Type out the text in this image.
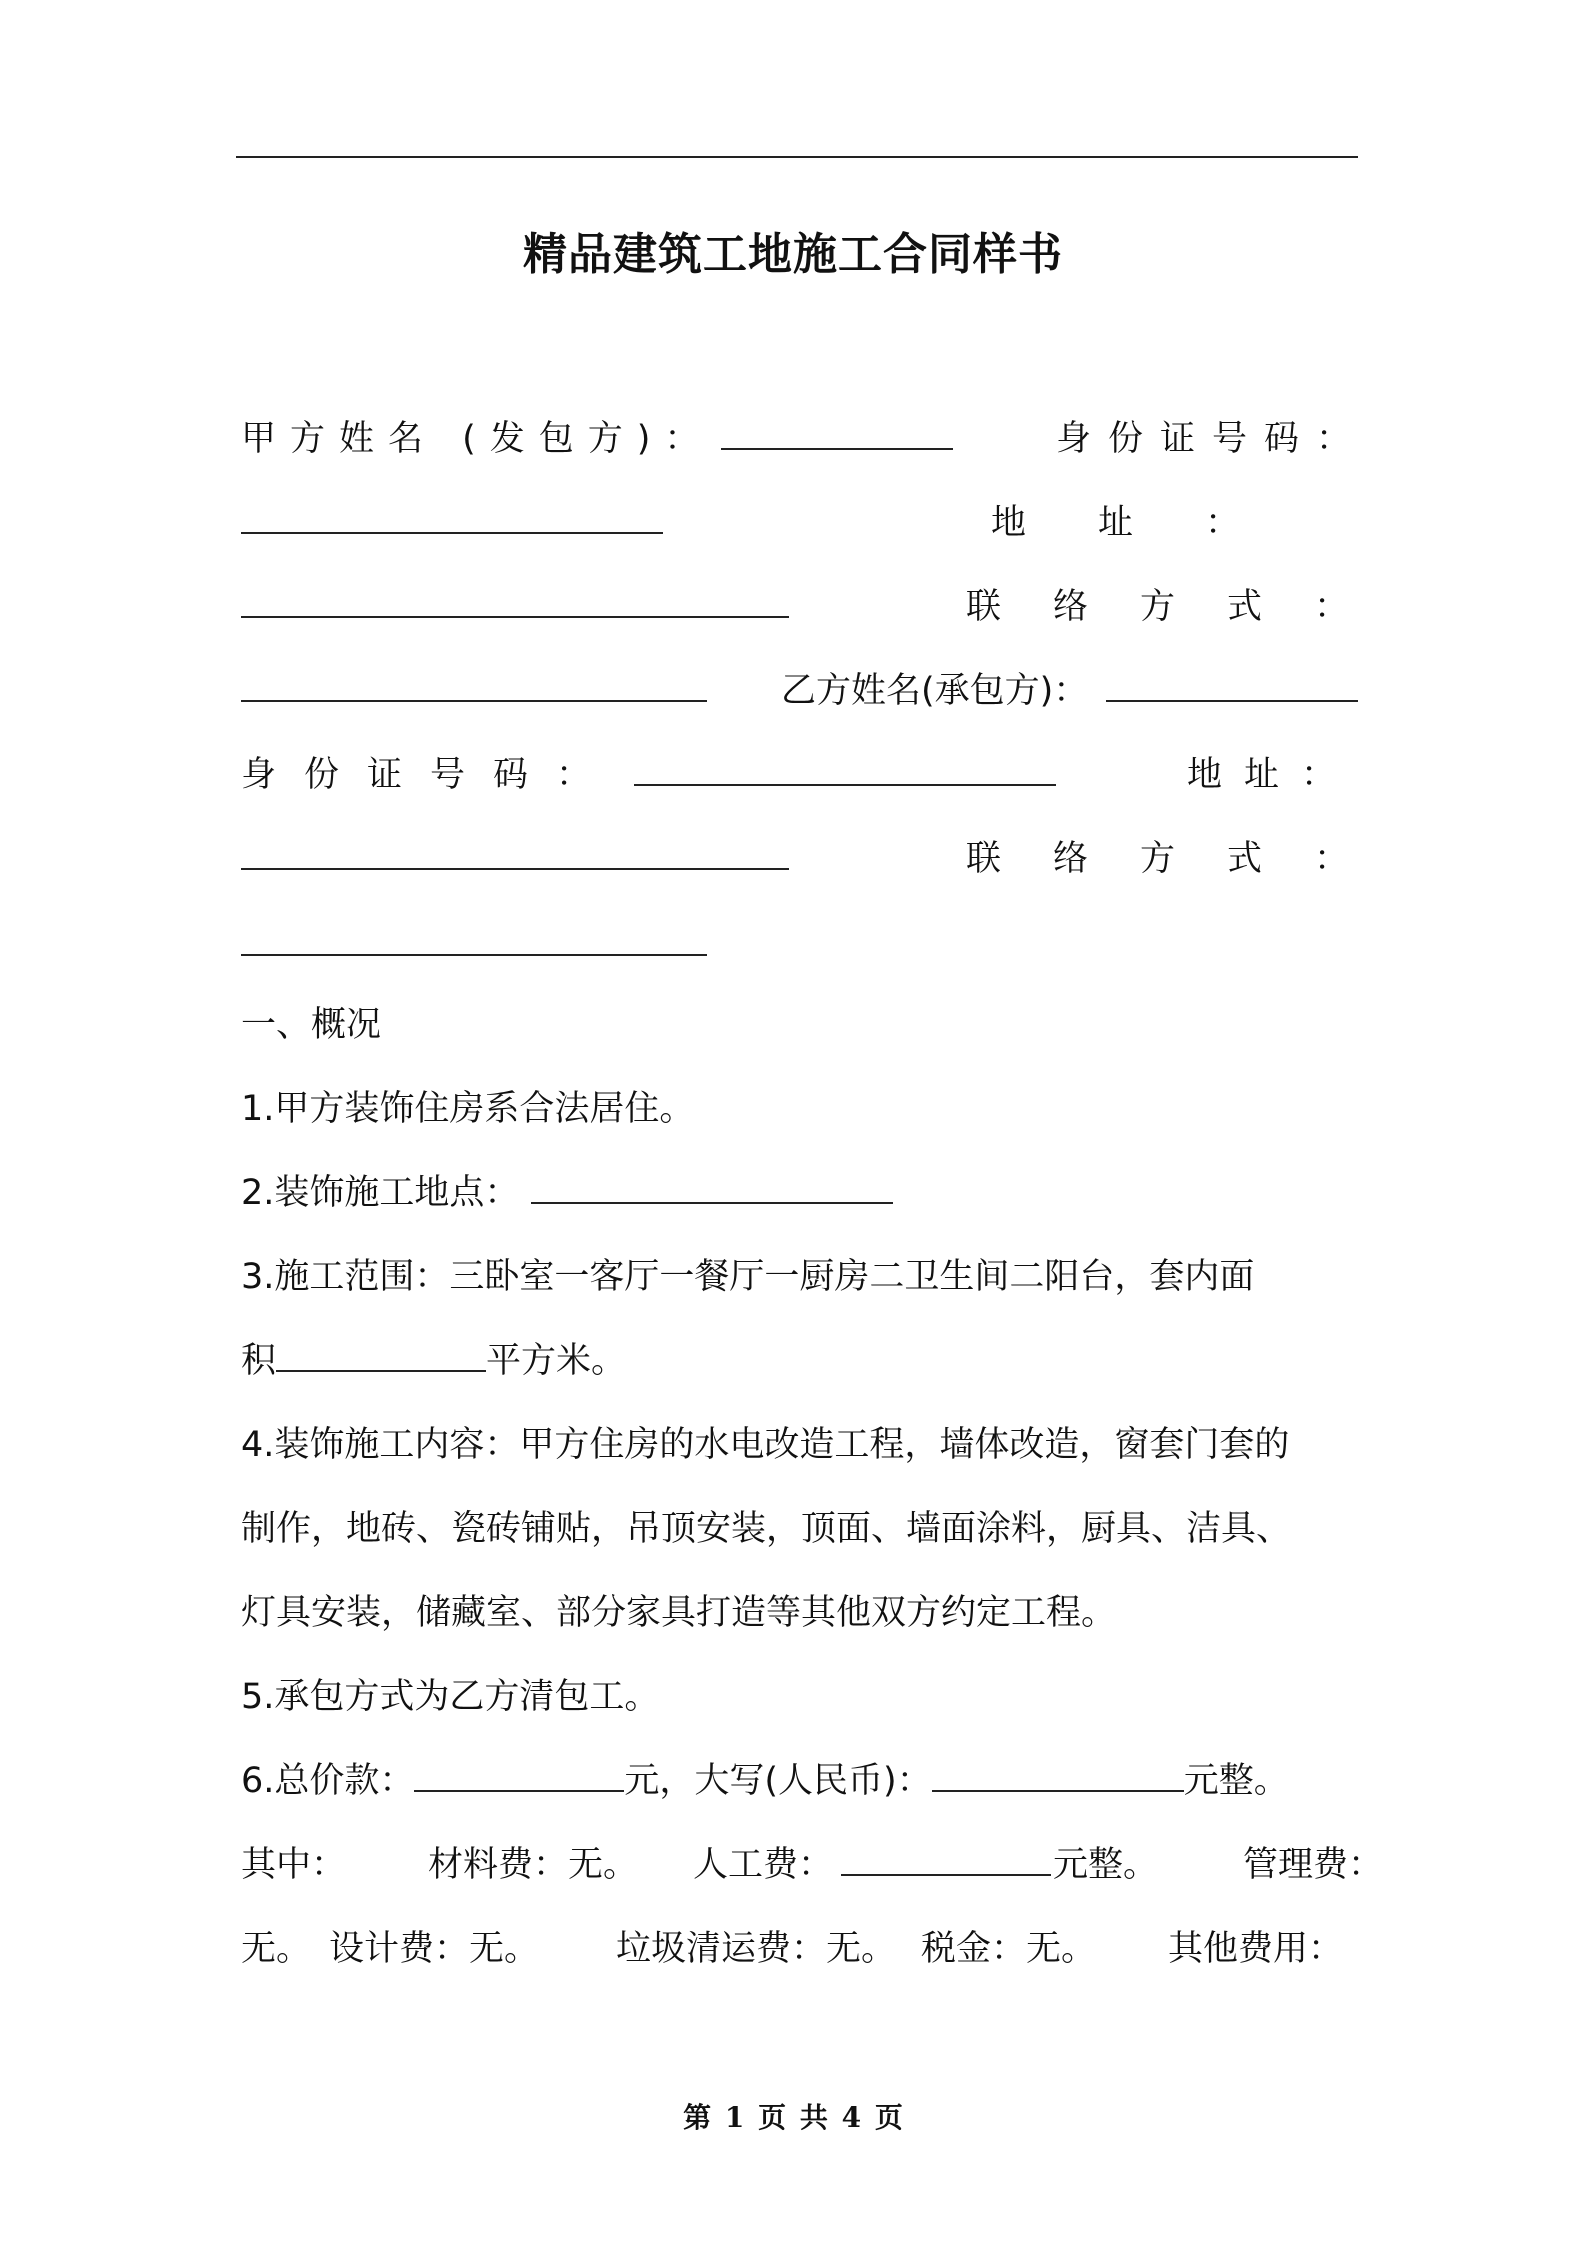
精品建筑工地施工合同样书
甲方姓名 (发包方)：	身份证号码：
地址：
联络方式：
乙方姓名(承包方)：
身份证号码：	地址：
联络方式：
一、概况
1.甲方装饰住房系合法居住。
2.装饰施工地点：
3.施工范围：三卧室一客厅一餐厅一厨房二卫生间二阳台，套内面
积	平方米。
4.装饰施工内容：甲方住房的水电改造工程，墙体改造，窗套门套的
制作，地砖、瓷砖铺贴，吊顶安装，顶面、墙面涂料，厨具、洁具、
灯具安装，储藏室、部分家具打造等其他双方约定工程。
5.承包方式为乙方清包工。
6.总价款：	元，大写(人民币)：	元整。
其中： 材料费：无。 人工费：	元整。 管理费：
无。 设计费：无。 垃圾清运费：无。 税金：无。 其他费用：
第 1 页 共 4 页
